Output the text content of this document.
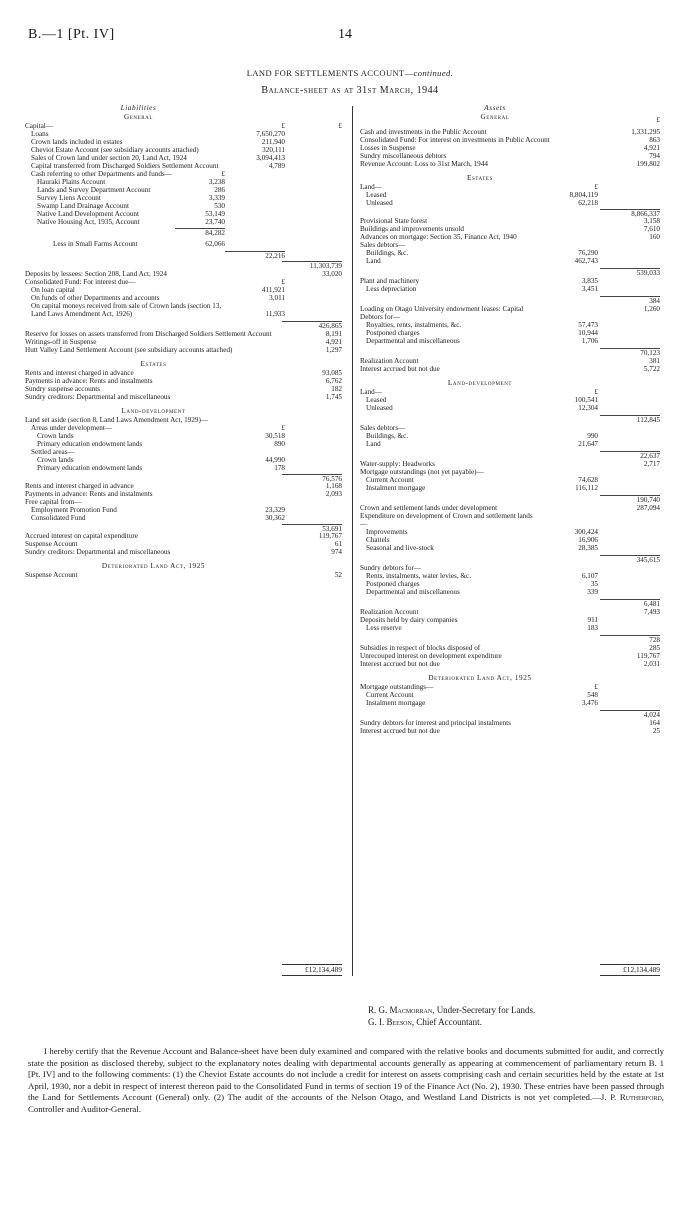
B.—1 [Pt. IV]	14
LAND FOR SETTLEMENTS ACCOUNT—continued.
Balance-sheet as at 31st March, 1944
Liabilities
General
Capital—	£	£
Loans	7,650,270
Crown lands included in estates	211,940
Cheviot Estate Account (see subsidiary accounts attached)	320,111
Sales of Crown land under section 20, Land Act, 1924	3,094,413
Capital transferred from Discharged Soldiers Settlement Account	4,789
Cash referring to other Departments and funds—	£
Hauraki Plains Account	3,238
Lands and Survey Department Account	286
Survey Liens Account	3,339
Swamp Land Drainage Account	530
Native Land Development Account	53,149
Native Housing Act, 1935, Account	23,740
84,282
Less in Small Farms Account	62,066
22,216
11,303,739
Deposits by lessees: Section 208, Land Act, 1924	33,020
Consolidated Fund: For interest due—	£
On loan capital	411,921
On funds of other Departments and accounts	3,011
On capital moneys received from sale of Crown lands (section 13, Land Laws Amendment Act, 1926)	11,933
426,865
Reserve for losses on assets transferred from Discharged Soldiers Settlement Account	8,191
Writings-off in Suspense	4,921
Hutt Valley Land Settlement Account (see subsidiary accounts attached)	1,297
Estates
Rents and interest charged in advance	93,085
Payments in advance: Rents and instalments	6,762
Sundry suspense accounts	182
Sundry creditors: Departmental and miscellaneous	1,745
Land-development
Land set aside (section 8, Land Laws Amendment Act, 1929)—
Areas under development—	£
Crown lands	30,518
Primary education endowment lands	890
Settled areas—
Crown lands	44,990
Primary education endowment lands	178
76,576
Rents and interest charged in advance	1,168
Payments in advance: Rents and instalments	2,093
Free capital from—
Employment Promotion Fund	23,329
Consolidated Fund	30,362
53,691
Accrued interest on capital expenditure	119,767
Suspense Account	61
Sundry creditors: Departmental and miscellaneous	974
Deteriorated Land Act, 1925
Suspense Account	52
£12,134,489
Assets
General	£
Cash and investments in the Public Account	1,331,295
Consolidated Fund: For interest on investments in Public Account	863
Losses in Suspense	4,921
Sundry miscellaneous debtors	794
Revenue Account: Loss to 31st March, 1944	199,802
Estates
Land—	£
Leased	8,804,119
Unleased	62,218
8,866,337
Provisional State forest	3,158
Buildings and improvements unsold	7,610
Advances on mortgage: Section 35, Finance Act, 1940	160
Sales debtors—
Buildings, &c.	76,290
Land	462,743
539,033
Plant and machinery	3,835
Less depreciation	3,451
384
Loading on Otago University endowment leases: Capital	1,260
Debtors for—
Royalties, rents, instalments, &c.	57,473
Postponed charges	10,944
Departmental and miscellaneous	1,706
70,123
Realization Account	381
Interest accrued but not due	5,722
Land-development
Land—	£
Leased	100,541
Unleased	12,304
112,845
Sales debtors—
Buildings, &c.	990
Land	21,647
22,637
Water-supply: Headworks	2,717
Mortgage outstandings (not yet payable)—
Current Account	74,628
Instalment mortgage	116,112
190,740
Crown and settlement lands under development	287,094
Expenditure on development of Crown and settlement lands—
Improvements	300,424
Chattels	16,906
Seasonal and live-stock	28,385
345,615
Sundry debtors for—
Rents, instalments, water levies, &c.	6,107
Postponed charges	35
Departmental and miscellaneous	339
6,481
Realization Account	7,493
Deposits held by dairy companies	911
Less reserve	183
728
Subsidies in respect of blocks disposed of	285
Unrecouped interest on development expenditure	119,767
Interest accrued but not due	2,031
Deteriorated Land Act, 1925
Mortgage outstandings—	£
Current Account	548
Instalment mortgage	3,476
4,024
Sundry debtors for interest and principal instalments	164
Interest accrued but not due	25
£12,134,489
R. G. Macmorran, Under-Secretary for Lands.
G. I. Beeson, Chief Accountant.
I hereby certify that the Revenue Account and Balance-sheet have been duly examined and compared with the relative books and documents submitted for audit, and correctly state the position as disclosed thereby, subject to the explanatory notes dealing with departmental accounts generally as appearing at commencement of parliamentary return B. 1 [Pt. IV] and to the following comments: (1) the Cheviot Estate accounts do not include a credit for interest on assets comprising cash and certain securities held by the estate at 1st April, 1930, nor a debit in respect of interest thereon paid to the Consolidated Fund in terms of section 19 of the Finance Act (No. 2), 1930. These entries have been passed through the Land for Settlements Account (General) only. (2) The audit of the accounts of the Nelson Otago, and Westland Land Districts is not yet completed.—J. P. Rutherford, Controller and Auditor-General.
